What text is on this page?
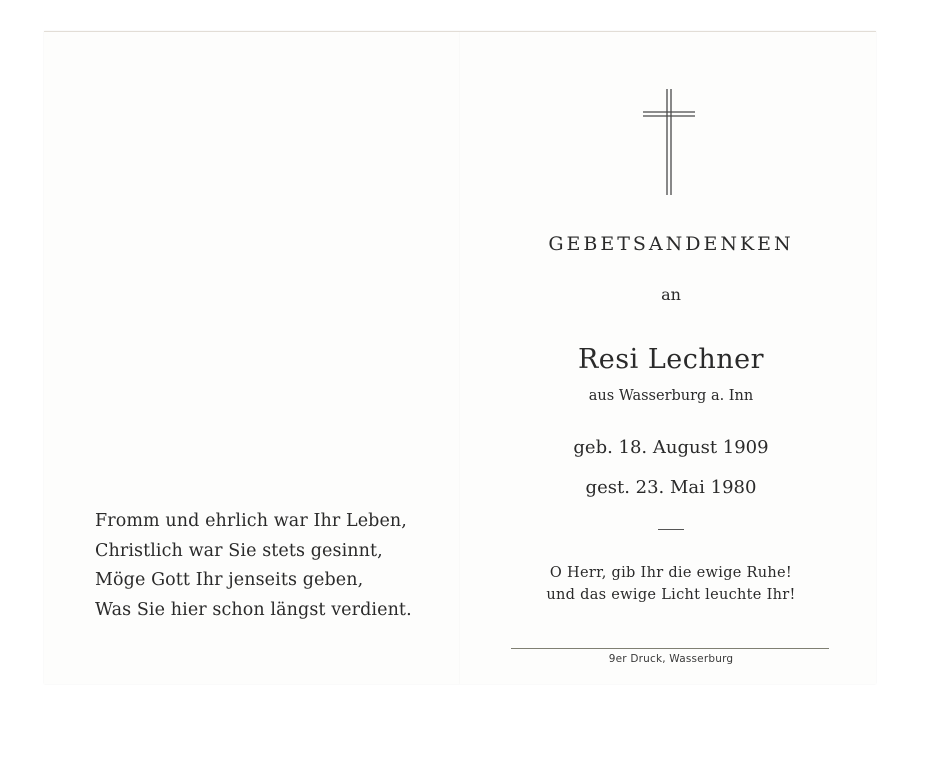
Fromm und ehrlich war Ihr Leben,
Christlich war Sie stets gesinnt,
Möge Gott Ihr jenseits geben,
Was Sie hier schon längst verdient.
GEBETSANDENKEN
an
Resi Lechner
aus Wasserburg a. Inn
geb. 18. August 1909
gest. 23. Mai 1980
O Herr, gib Ihr die ewige Ruhe!
und das ewige Licht leuchte Ihr!
9er Druck, Wasserburg
